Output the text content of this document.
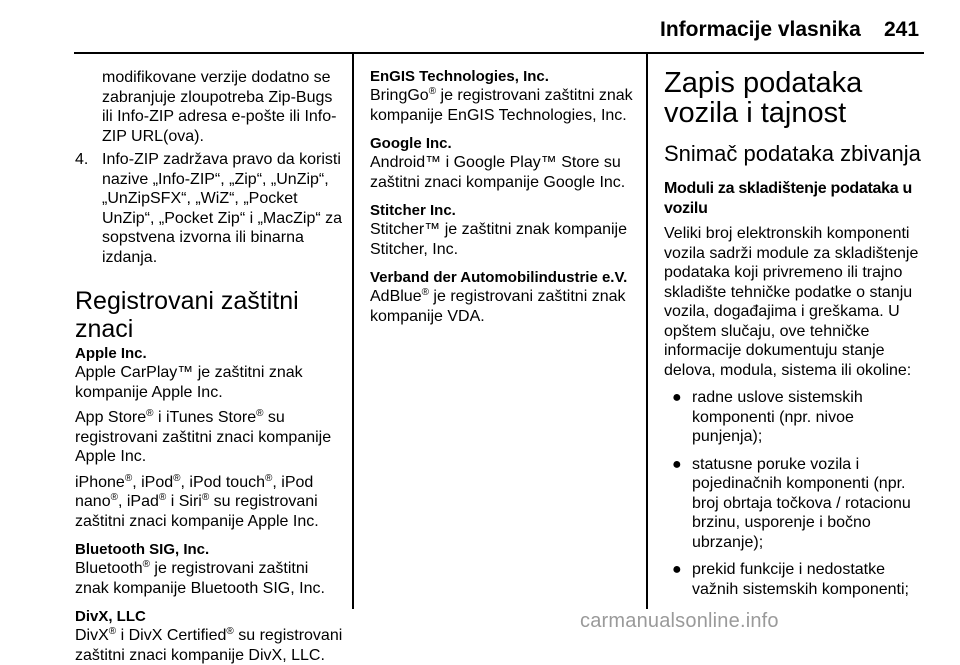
Informacije vlasnika 241
modifikovane verzije dodatno se zabranjuje zloupotreba Zip-Bugs ili Info-ZIP adresa e-pošte ili Info-ZIP URL(ova).
4. Info-ZIP zadržava pravo da koristi nazive „Info-ZIP“, „Zip“, „UnZip“, „UnZipSFX“, „WiZ“, „Pocket UnZip“, „Pocket Zip“ i „MacZip“ za sopstvena izvorna ili binarna izdanja.
Registrovani zaštitni znaci
Apple Inc.
Apple CarPlay™ je zaštitni znak kompanije Apple Inc.
App Store® i iTunes Store® su registrovani zaštitni znaci kompanije Apple Inc.
iPhone®, iPod®, iPod touch®, iPod nano®, iPad® i Siri® su registrovani zaštitni znaci kompanije Apple Inc.
Bluetooth SIG, Inc.
Bluetooth® je registrovani zaštitni znak kompanije Bluetooth SIG, Inc.
DivX, LLC
DivX® i DivX Certified® su registrovani zaštitni znaci kompanije DivX, LLC.
EnGIS Technologies, Inc.
BringGo® je registrovani zaštitni znak kompanije EnGIS Technologies, Inc.
Google Inc.
Android™ i Google Play™ Store su zaštitni znaci kompanije Google Inc.
Stitcher Inc.
Stitcher™ je zaštitni znak kompanije Stitcher, Inc.
Verband der Automobilindustrie e.V.
AdBlue® je registrovani zaštitni znak kompanije VDA.
Zapis podataka vozila i tajnost
Snimač podataka zbivanja
Moduli za skladištenje podataka u vozilu
Veliki broj elektronskih komponenti vozila sadrži module za skladištenje podataka koji privremeno ili trajno skladište tehničke podatke o stanju vozila, događajima i greškama. U opštem slučaju, ove tehničke informacije dokumentuju stanje delova, modula, sistema ili okoline:
● radne uslove sistemskih komponenti (npr. nivoe punjenja);
● statusne poruke vozila i pojedinačnih komponenti (npr. broj obrtaja točkova / rotacionu brzinu, usporenje i bočno ubrzanje);
● prekid funkcije i nedostatke važnih sistemskih komponenti;
carmanualsonline.info
